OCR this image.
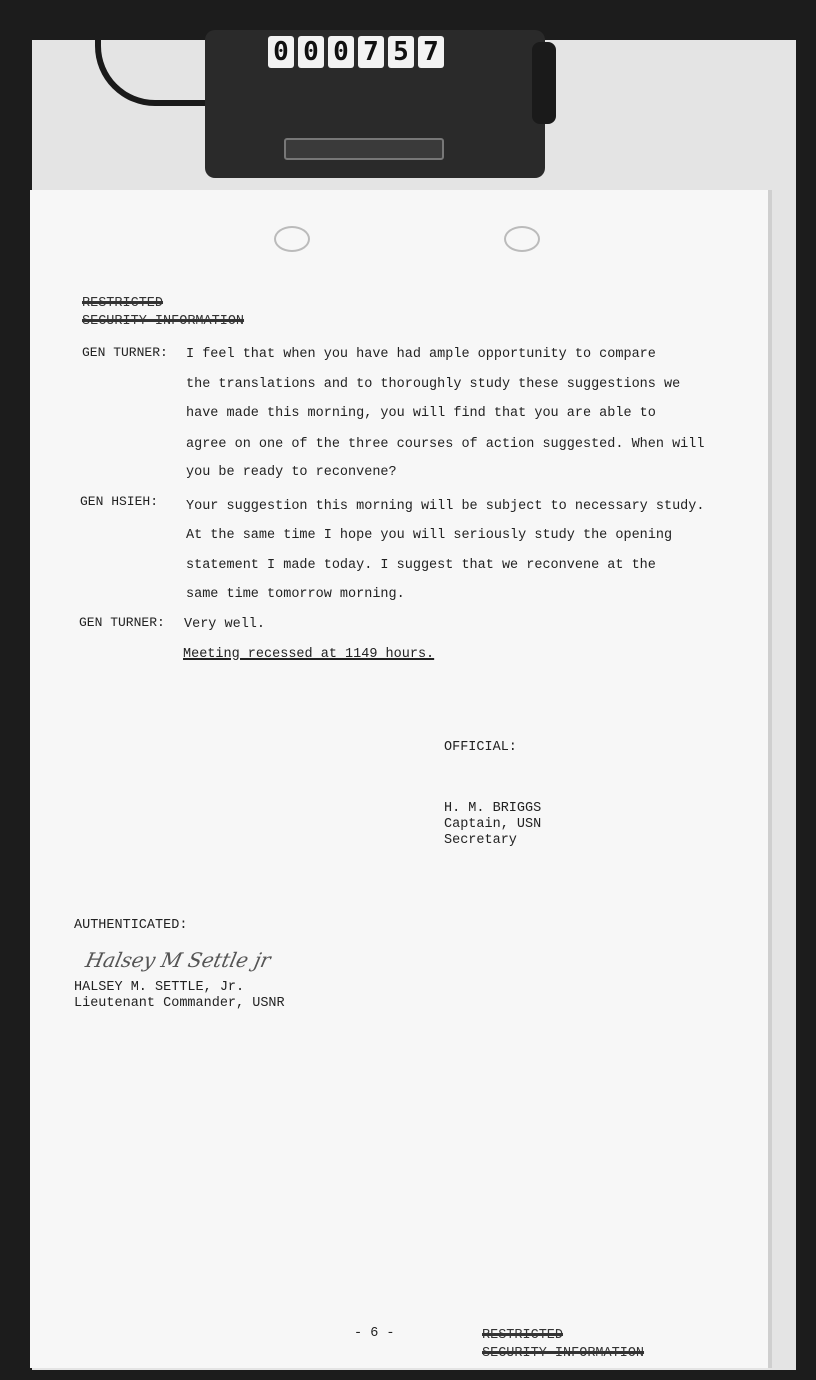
0 0 0 7 5 7
RESTRICTED
SECURITY INFORMATION
GEN TURNER: I feel that when you have had ample opportunity to compare
the translations and to thoroughly study these suggestions we
have made this morning, you will find that you are able to
agree on one of the three courses of action suggested. When will
you be ready to reconvene?
GEN HSIEH: Your suggestion this morning will be subject to necessary study.
At the same time I hope you will seriously study the opening
statement I made today. I suggest that we reconvene at the
same time tomorrow morning.
GEN TURNER: Very well.
Meeting recessed at 1149 hours.
OFFICIAL:
H. M. BRIGGS
Captain, USN
Secretary
AUTHENTICATED:
Halsey M Settle jr
HALSEY M. SETTLE, Jr.
Lieutenant Commander, USNR
- 6 -	RESTRICTED
SECURITY INFORMATION
